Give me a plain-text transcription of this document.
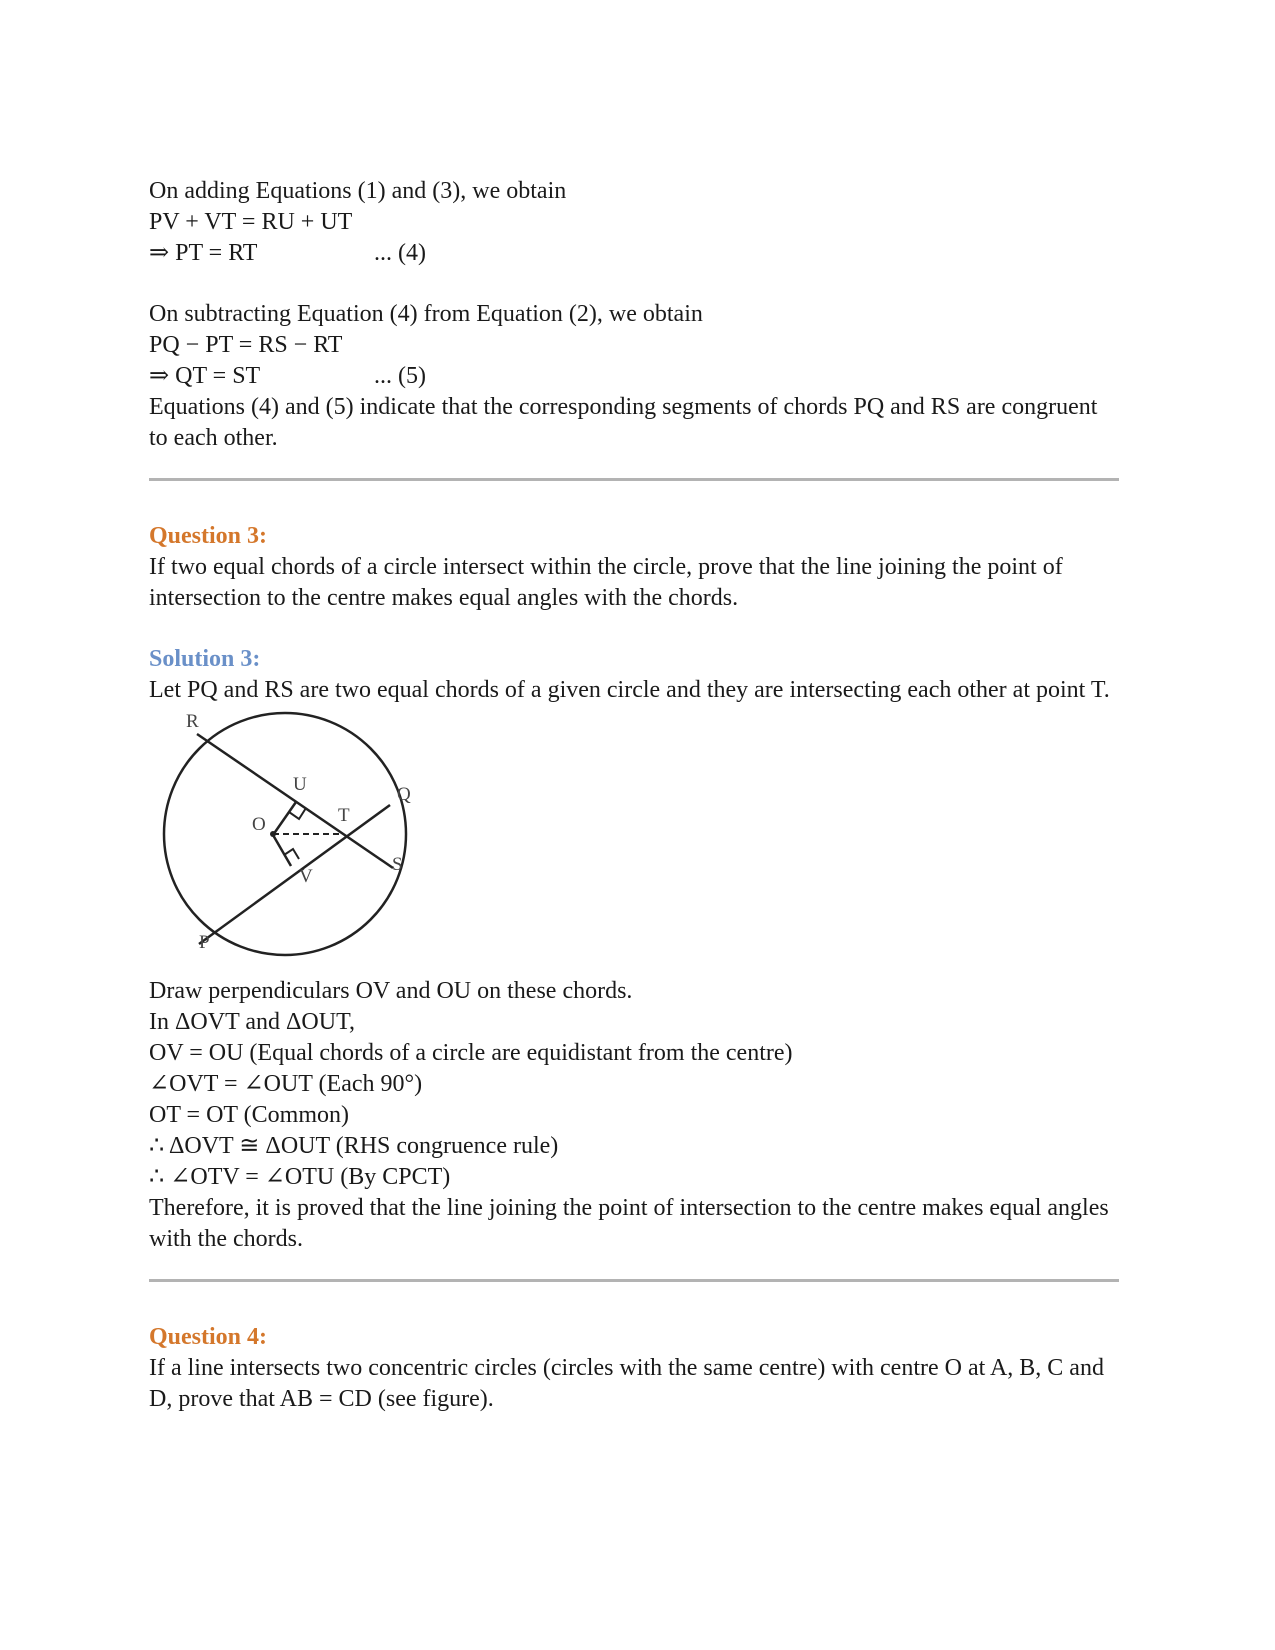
On adding Equations (1) and (3), we obtain

PV + VT = RU + UT

⇒ PT = RT	... (4)

On subtracting Equation (4) from Equation (2), we obtain

PQ − PT = RS − RT

⇒ QT = ST	... (5)

Equations (4) and (5) indicate that the corresponding segments of chords PQ and RS are congruent to each other.

Question 3:

If two equal chords of a circle intersect within the circle, prove that the line joining the point of intersection to the centre makes equal angles with the chords.

Solution 3:

Let PQ and RS are two equal chords of a given circle and they are intersecting each other at point T.

R
U	Q
O	T
S
V
P

Draw perpendiculars OV and OU on these chords.

In ΔOVT and ΔOUT,

OV = OU (Equal chords of a circle are equidistant from the centre)

∠OVT = ∠OUT (Each 90°)

OT = OT (Common)

∴ ΔOVT ≅ ΔOUT (RHS congruence rule)

∴ ∠OTV = ∠OTU (By CPCT)

Therefore, it is proved that the line joining the point of intersection to the centre makes equal angles with the chords.

Question 4:

If a line intersects two concentric circles (circles with the same centre) with centre O at A, B, C and D, prove that AB = CD (see figure).
